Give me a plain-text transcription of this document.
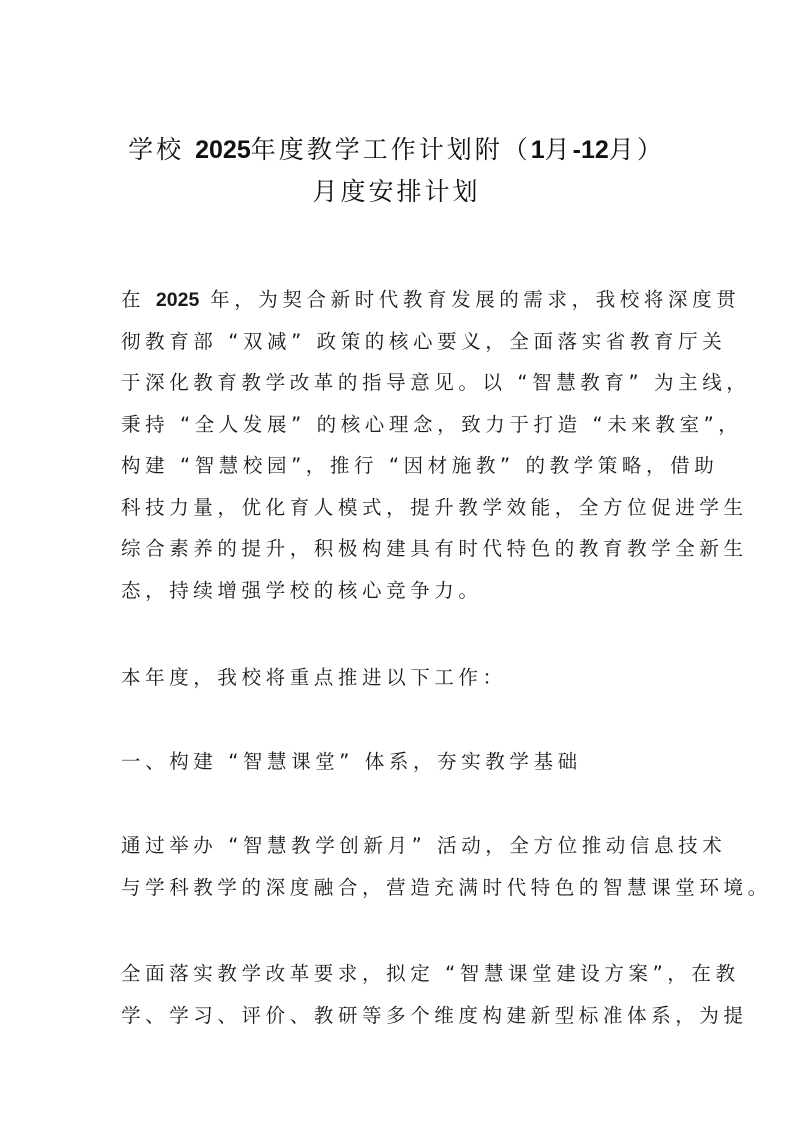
学校 2025年度教学工作计划附（1月-12月）
月度安排计划
在 2025 年，为契合新时代教育发展的需求，我校将深度贯
彻教育部 “双减” 政策的核心要义，全面落实省教育厅关
于深化教育教学改革的指导意见。以 “智慧教育” 为主线，
秉持 “全人发展” 的核心理念，致力于打造 “未来教室”，
构建 “智慧校园”，推行 “因材施教” 的教学策略，借助
科技力量，优化育人模式，提升教学效能，全方位促进学生
综合素养的提升，积极构建具有时代特色的教育教学全新生
态，持续增强学校的核心竞争力。
本年度，我校将重点推进以下工作：
一、构建 “智慧课堂” 体系，夯实教学基础
通过举办 “智慧教学创新月” 活动，全方位推动信息技术
与学科教学的深度融合，营造充满时代特色的智慧课堂环境。
全面落实教学改革要求，拟定 “智慧课堂建设方案”，在教
学、学习、评价、教研等多个维度构建新型标准体系，为提
